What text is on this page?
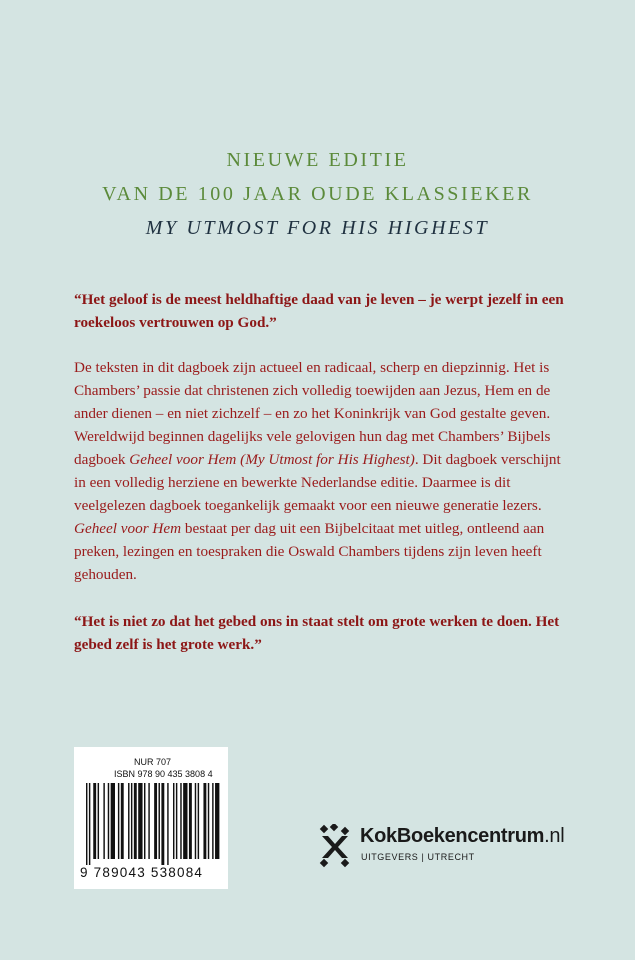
NIEUWE EDITIE
VAN DE 100 JAAR OUDE KLASSIEKER
MY UTMOST FOR HIS HIGHEST
“Het geloof is de meest heldhaftige daad van je leven – je werpt jezelf in een roekeloos vertrouwen op God.”
De teksten in dit dagboek zijn actueel en radicaal, scherp en diepzinnig. Het is Chambers’ passie dat christenen zich volledig toewijden aan Jezus, Hem en de ander dienen – en niet zichzelf – en zo het Koninkrijk van God gestalte geven. Wereldwijd beginnen dagelijks vele gelovigen hun dag met Chambers’ Bijbels dagboek Geheel voor Hem (My Utmost for His Highest). Dit dagboek verschijnt in een volledig herziene en bewerkte Nederlandse editie. Daarmee is dit veelgelezen dagboek toegankelijk gemaakt voor een nieuwe generatie lezers. Geheel voor Hem bestaat per dag uit een Bijbelcitaat met uitleg, ontleend aan preken, lezingen en toespraken die Oswald Chambers tijdens zijn leven heeft gehouden.
“Het is niet zo dat het gebed ons in staat stelt om grote werken te doen. Het gebed zelf is het grote werk.”
NUR 707
ISBN 978 90 435 3808 4
9 789043 538084
KokBoekencentrum.nl
UITGEVERS | UTRECHT
